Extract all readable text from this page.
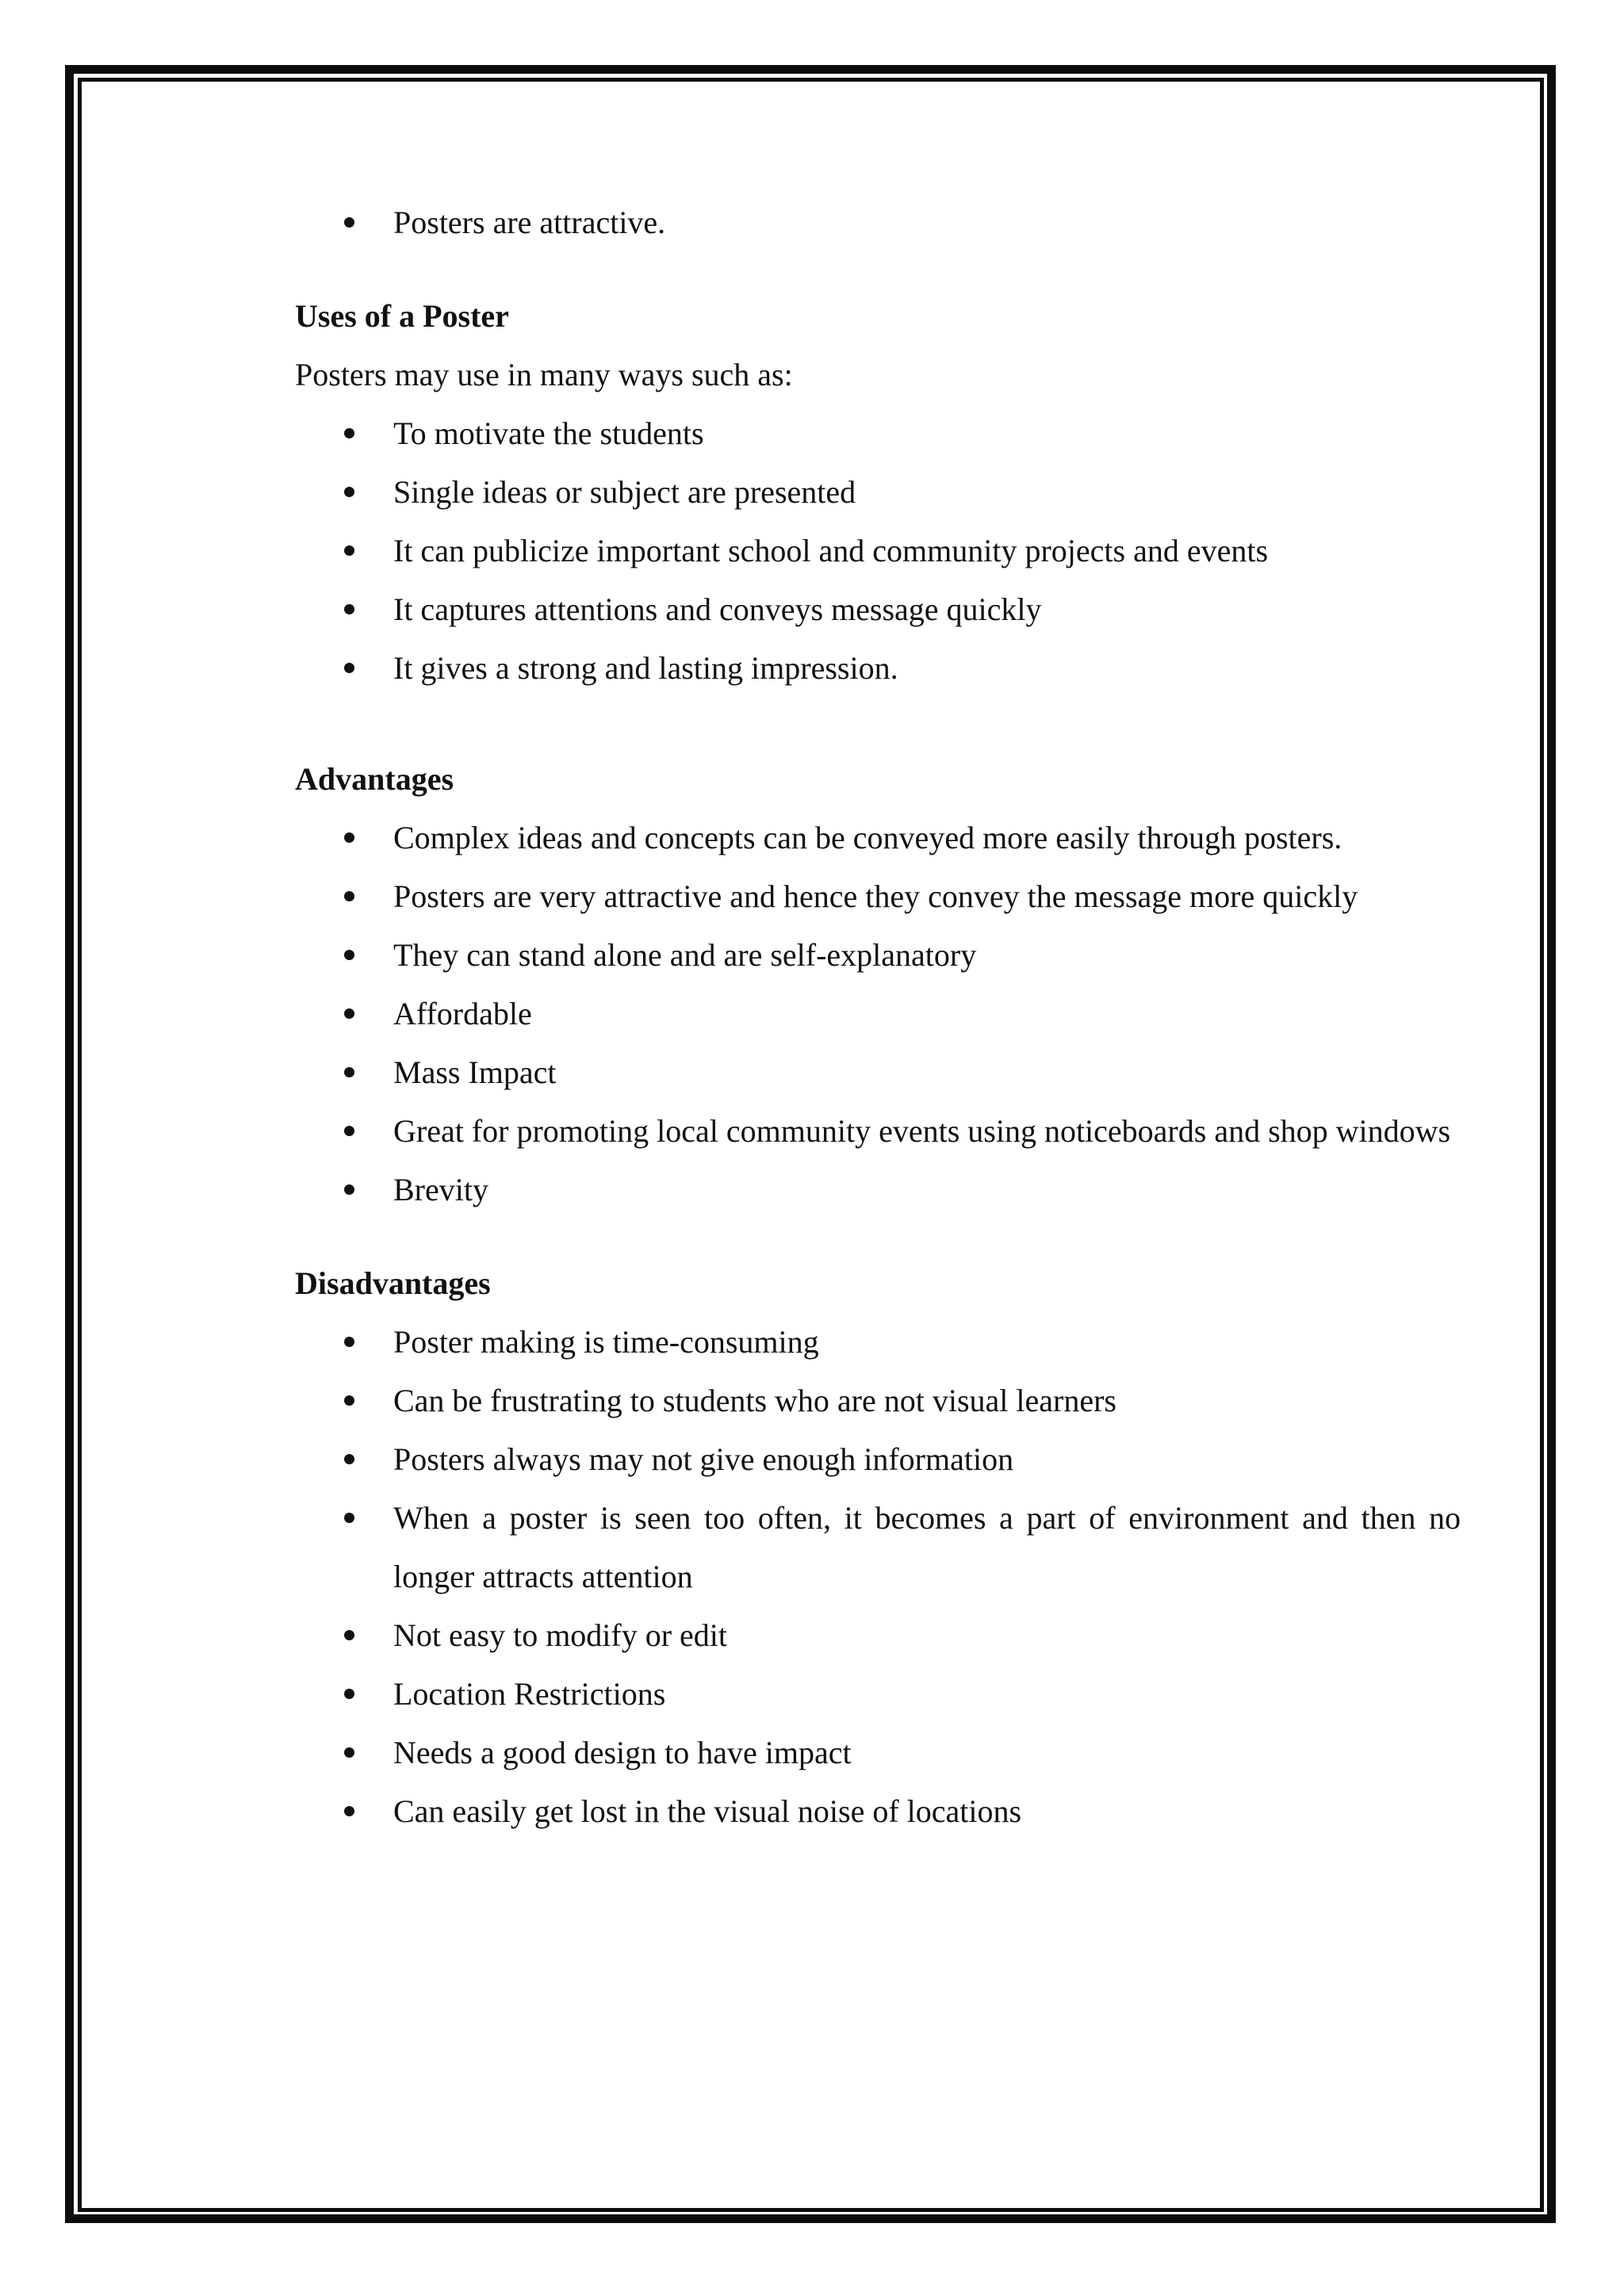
Posters are attractive.

Uses of a Poster

Posters may use in many ways such as:

To motivate the students
Single ideas or subject are presented
It can publicize important school and community projects and events
It captures attentions and conveys message quickly
It gives a strong and lasting impression.

Advantages

Complex ideas and concepts can be conveyed more easily through posters.
Posters are very attractive and hence they convey the message more quickly
They can stand alone and are self-explanatory
Affordable
Mass Impact
Great for promoting local community events using noticeboards and shop windows
Brevity

Disadvantages

Poster making is time-consuming
Can be frustrating to students who are not visual learners
Posters always may not give enough information
When a poster is seen too often, it becomes a part of environment and then no longer attracts attention
Not easy to modify or edit
Location Restrictions
Needs a good design to have impact
Can easily get lost in the visual noise of locations
